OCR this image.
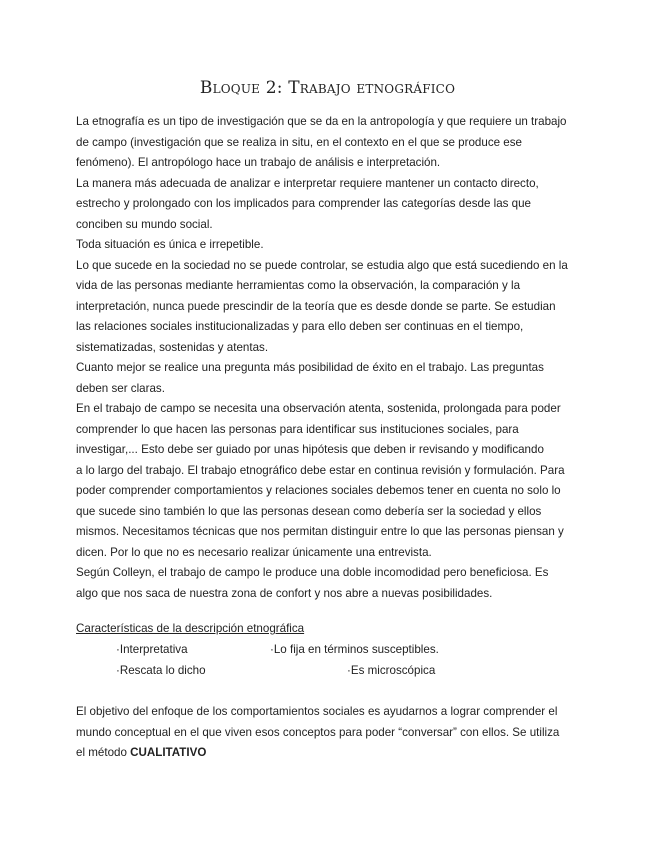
Bloque 2: Trabajo etnográfico

La etnografía es un tipo de investigación que se da en la antropología y que requiere un trabajo

de campo (investigación que se realiza in situ, en el contexto en el que se produce ese

fenómeno). El antropólogo hace un trabajo de análisis e interpretación.

La manera más adecuada de analizar e interpretar requiere mantener un contacto directo,

estrecho y prolongado con los implicados para comprender las categorías desde las que

conciben su mundo social.

Toda situación es única e irrepetible.

Lo que sucede en la sociedad no se puede controlar, se estudia algo que está sucediendo en la

vida de las personas mediante herramientas como la observación, la comparación y la

interpretación, nunca puede prescindir de la teoría que es desde donde se parte. Se estudian

las relaciones sociales institucionalizadas y para ello deben ser continuas en el tiempo,

sistematizadas, sostenidas y atentas.

Cuanto mejor se realice una pregunta más posibilidad de éxito en el trabajo. Las preguntas

deben ser claras.

En el trabajo de campo se necesita una observación atenta, sostenida, prolongada para poder

comprender lo que hacen las personas para identificar sus instituciones sociales, para

investigar,... Esto debe ser guiado por unas hipótesis que deben ir revisando y modificando

a lo largo del trabajo. El trabajo etnográfico debe estar en continua revisión y formulación. Para

poder comprender comportamientos y relaciones sociales debemos tener en cuenta no solo lo

que sucede sino también lo que las personas desean como debería ser la sociedad y ellos

mismos. Necesitamos técnicas que nos permitan distinguir entre lo que las personas piensan y

dicen. Por lo que no es necesario realizar únicamente una entrevista.

Según Colleyn, el trabajo de campo le produce una doble incomodidad pero beneficiosa. Es

algo que nos saca de nuestra zona de confort y nos abre a nuevas posibilidades.

Características de la descripción etnográfica
·Interpretativa	·Lo fija en términos susceptibles.
·Rescata lo dicho	·Es microscópica
El objetivo del enfoque de los comportamientos sociales es ayudarnos a lograr comprender el
mundo conceptual en el que viven esos conceptos para poder “conversar” con ellos. Se utiliza
el método CUALITATIVO
